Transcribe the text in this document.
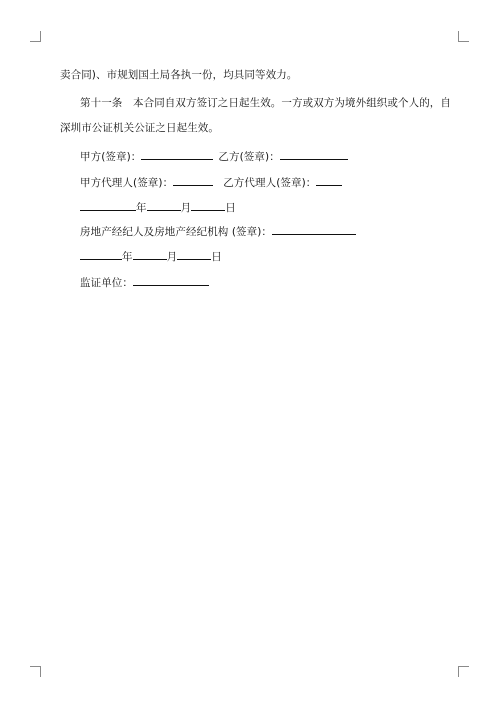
卖合同)、市规划国土局各执一份，均具同等效力。
第十一条　本合同自双方签订之日起生效。一方或双方为境外组织或个人的，自
深圳市公证机关公证之日起生效。
甲方(签章)：	乙方(签章)：
甲方代理人(签章)：	乙方代理人(签章)：
年	月	日
房地产经纪人及房地产经纪机构 (签章)：
年	月	日
监证单位：
